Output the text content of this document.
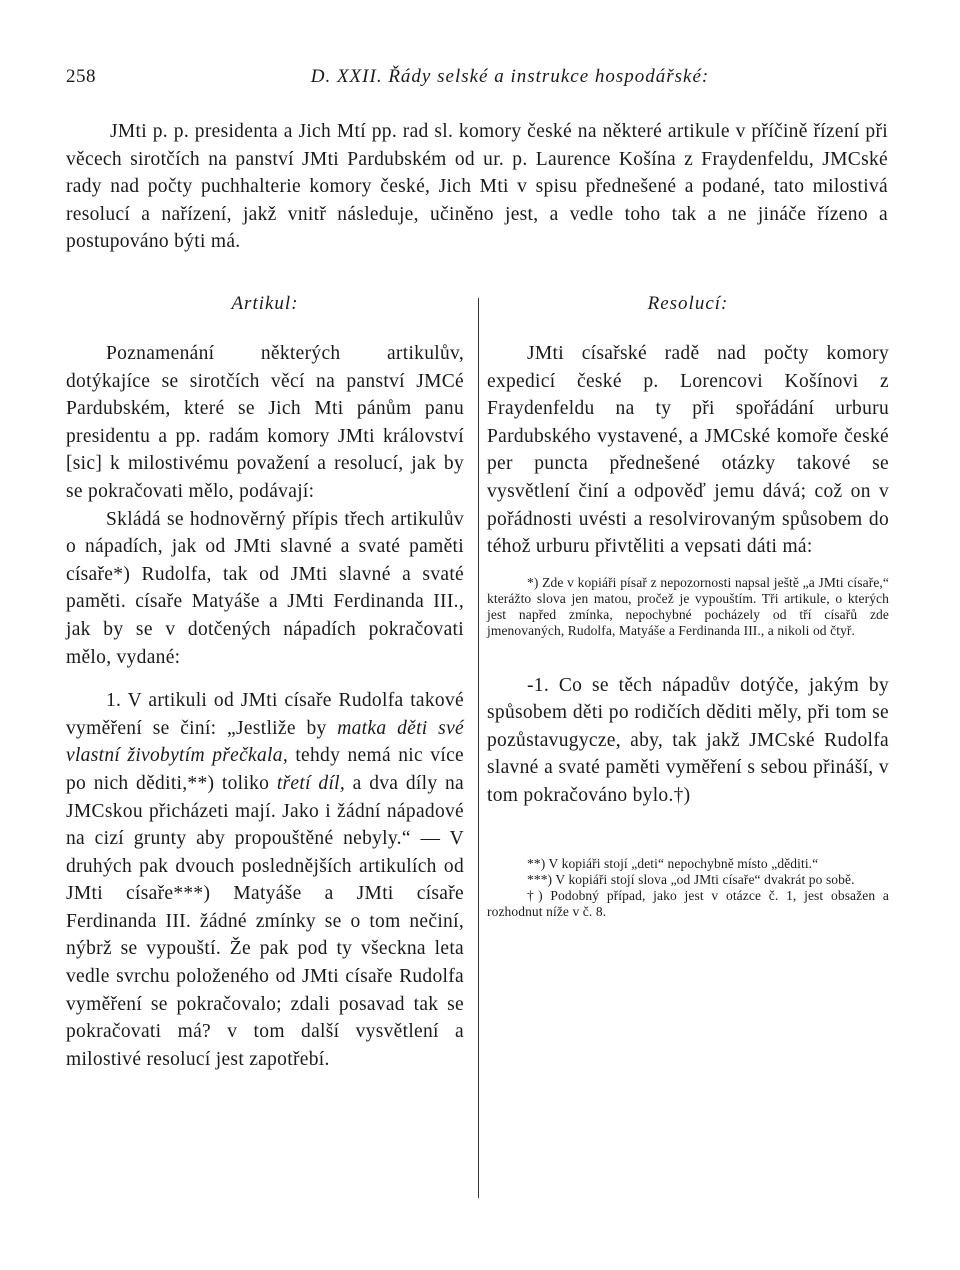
258	D. XXII. Řády selské a instrukce hospodářské:

JMti p. p. presidenta a Jich Mtí pp. rad sl. komory české na některé artikule v příčině řízení při věcech sirotčích na panství JMti Pardubském od ur. p. Laurence Košína z Fraydenfeldu, JMCské rady nad počty puchhalterie komory české, Jich Mti v spisu přednešené a podané, tato milostivá resolucí a nařízení, jakž vnitř následuje, učiněno jest, a vedle toho tak a ne jináče řízeno a postupováno býti má.

Artikul:

Poznamenání některých artikulův, dotýkajíce se sirotčích věcí na panství JMCé Pardubském, které se Jich Mti pánům panu presidentu a pp. radám komory JMti království [sic] k milostivému považení a resolucí, jak by se pokračovati mělo, podávají:

Skládá se hodnověrný přípis třech artikulův o nápadích, jak od JMti slavné a svaté paměti císaře*) Rudolfa, tak od JMti slavné a svaté paměti. císaře Matyáše a JMti Ferdinanda III., jak by se v dotčených nápadích pokračovati mělo, vydané:

1. V artikuli od JMti císaře Rudolfa takové vyměření se činí: „Jestliže by matka děti své vlastní živobytím přečkala, tehdy nemá nic více po nich děditi,**) toliko třetí díl, a dva díly na JMCskou přicházeti mají. Jako i žádní nápadové na cizí grunty aby propouštěné nebyly.“ — V druhých pak dvouch poslednějších artikulích od JMti císaře***) Matyáše a JMti císaře Ferdinanda III. žádné zmínky se o tom nečiní, nýbrž se vypouští. Že pak pod ty všeckna leta vedle svrchu položeného od JMti císaře Rudolfa vyměření se pokračovalo; zdali posavad tak se pokračovati má? v tom další vysvětlení a milostivé resolucí jest zapotřebí.

Resolucí:

JMti císařské radě nad počty komory expedicí české p. Lorencovi Košínovi z Fraydenfeldu na ty při spořádání urburu Pardubského vystavené, a JMCské komoře české per puncta přednešené otázky takové se vysvětlení činí a odpověď jemu dává; což on v pořádnosti uvésti a resolvirovaným spůsobem do téhož urburu přivtěliti a vepsati dáti má:

*) Zde v kopiáři písař z nepozornosti napsal ještě „a JMti císaře,“ kterážto slova jen matou, pročež je vypouštím. Tři artikule, o kterých jest napřed zmínka, nepochybné pocházely od tří císařů zde jmenovaných, Rudolfa, Matyáše a Ferdinanda III., a nikoli od čtyř.

-1. Co se těch nápadův dotýče, jakým by spůsobem děti po rodičích děditi měly, při tom se pozůstavugycze, aby, tak jakž JMCské Rudolfa slavné a svaté paměti vyměření s sebou přináší, v tom pokračováno bylo.†)

**) V kopiáři stojí „deti“ nepochybně místo „děditi.“

***) V kopiáři stojí slova „od JMti císaře“ dvakrát po sobě.

†) Podobný případ, jako jest v otázce č. 1, jest obsažen a rozhodnut níže v č. 8.
